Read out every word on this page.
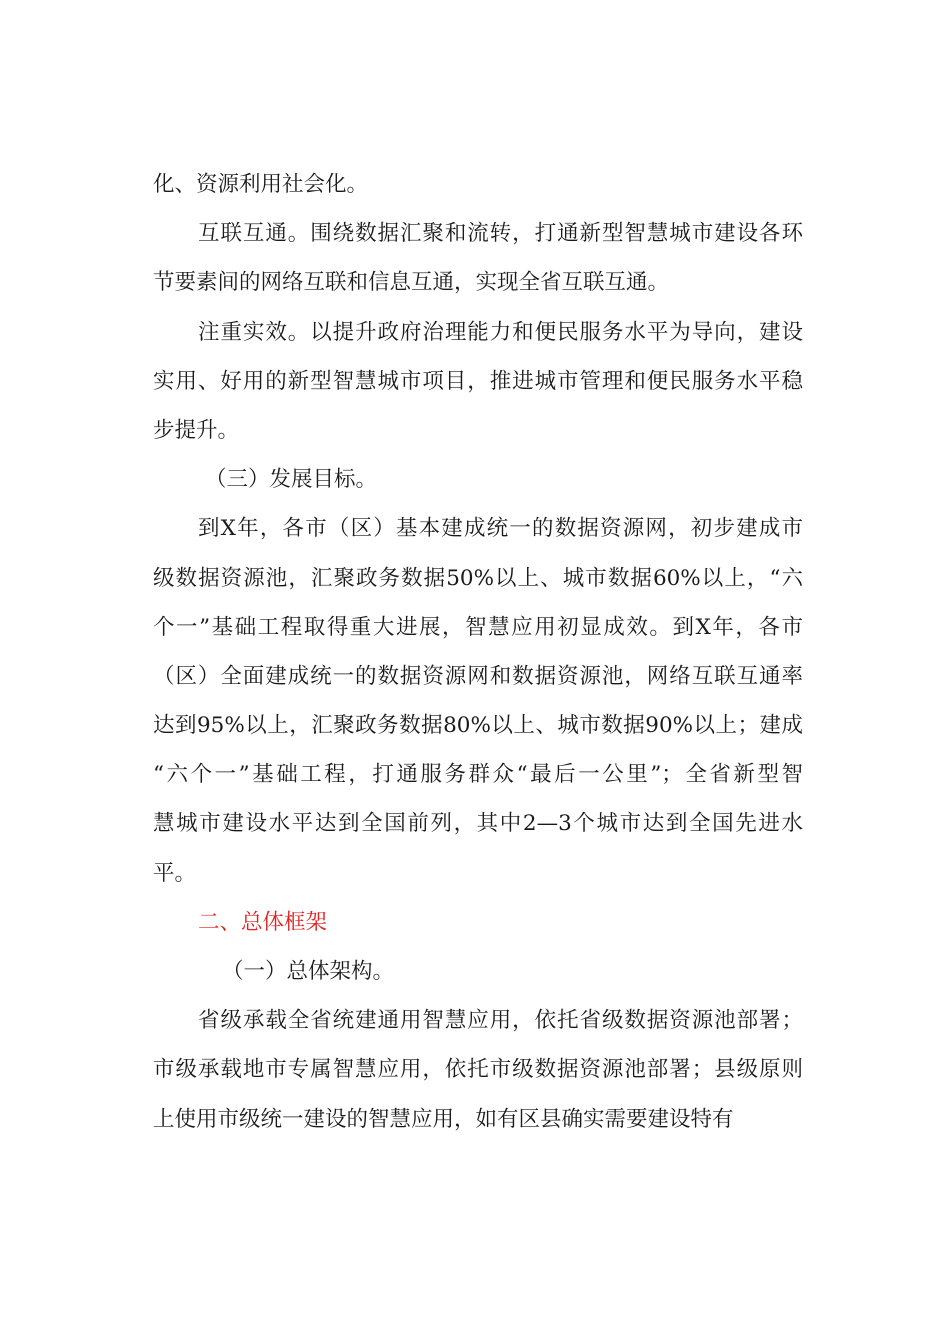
化、资源利用社会化。
互联互通。围绕数据汇聚和流转，打通新型智慧城市建设各环
节要素间的网络互联和信息互通，实现全省互联互通。
注重实效。以提升政府治理能力和便民服务水平为导向，建设
实用、好用的新型智慧城市项目，推进城市管理和便民服务水平稳
步提升。
（三）发展目标。
到X年，各市（区）基本建成统一的数据资源网，初步建成市
级数据资源池，汇聚政务数据50%以上、城市数据60%以上，“六
个一”基础工程取得重大进展，智慧应用初显成效。到X年，各市
（区）全面建成统一的数据资源网和数据资源池，网络互联互通率
达到95%以上，汇聚政务数据80%以上、城市数据90%以上；建成
“六个一”基础工程，打通服务群众“最后一公里”；全省新型智
慧城市建设水平达到全国前列，其中2—3个城市达到全国先进水
平。
二、总体框架
（一）总体架构。
省级承载全省统建通用智慧应用，依托省级数据资源池部署；
市级承载地市专属智慧应用，依托市级数据资源池部署；县级原则
上使用市级统一建设的智慧应用，如有区县确实需要建设特有
